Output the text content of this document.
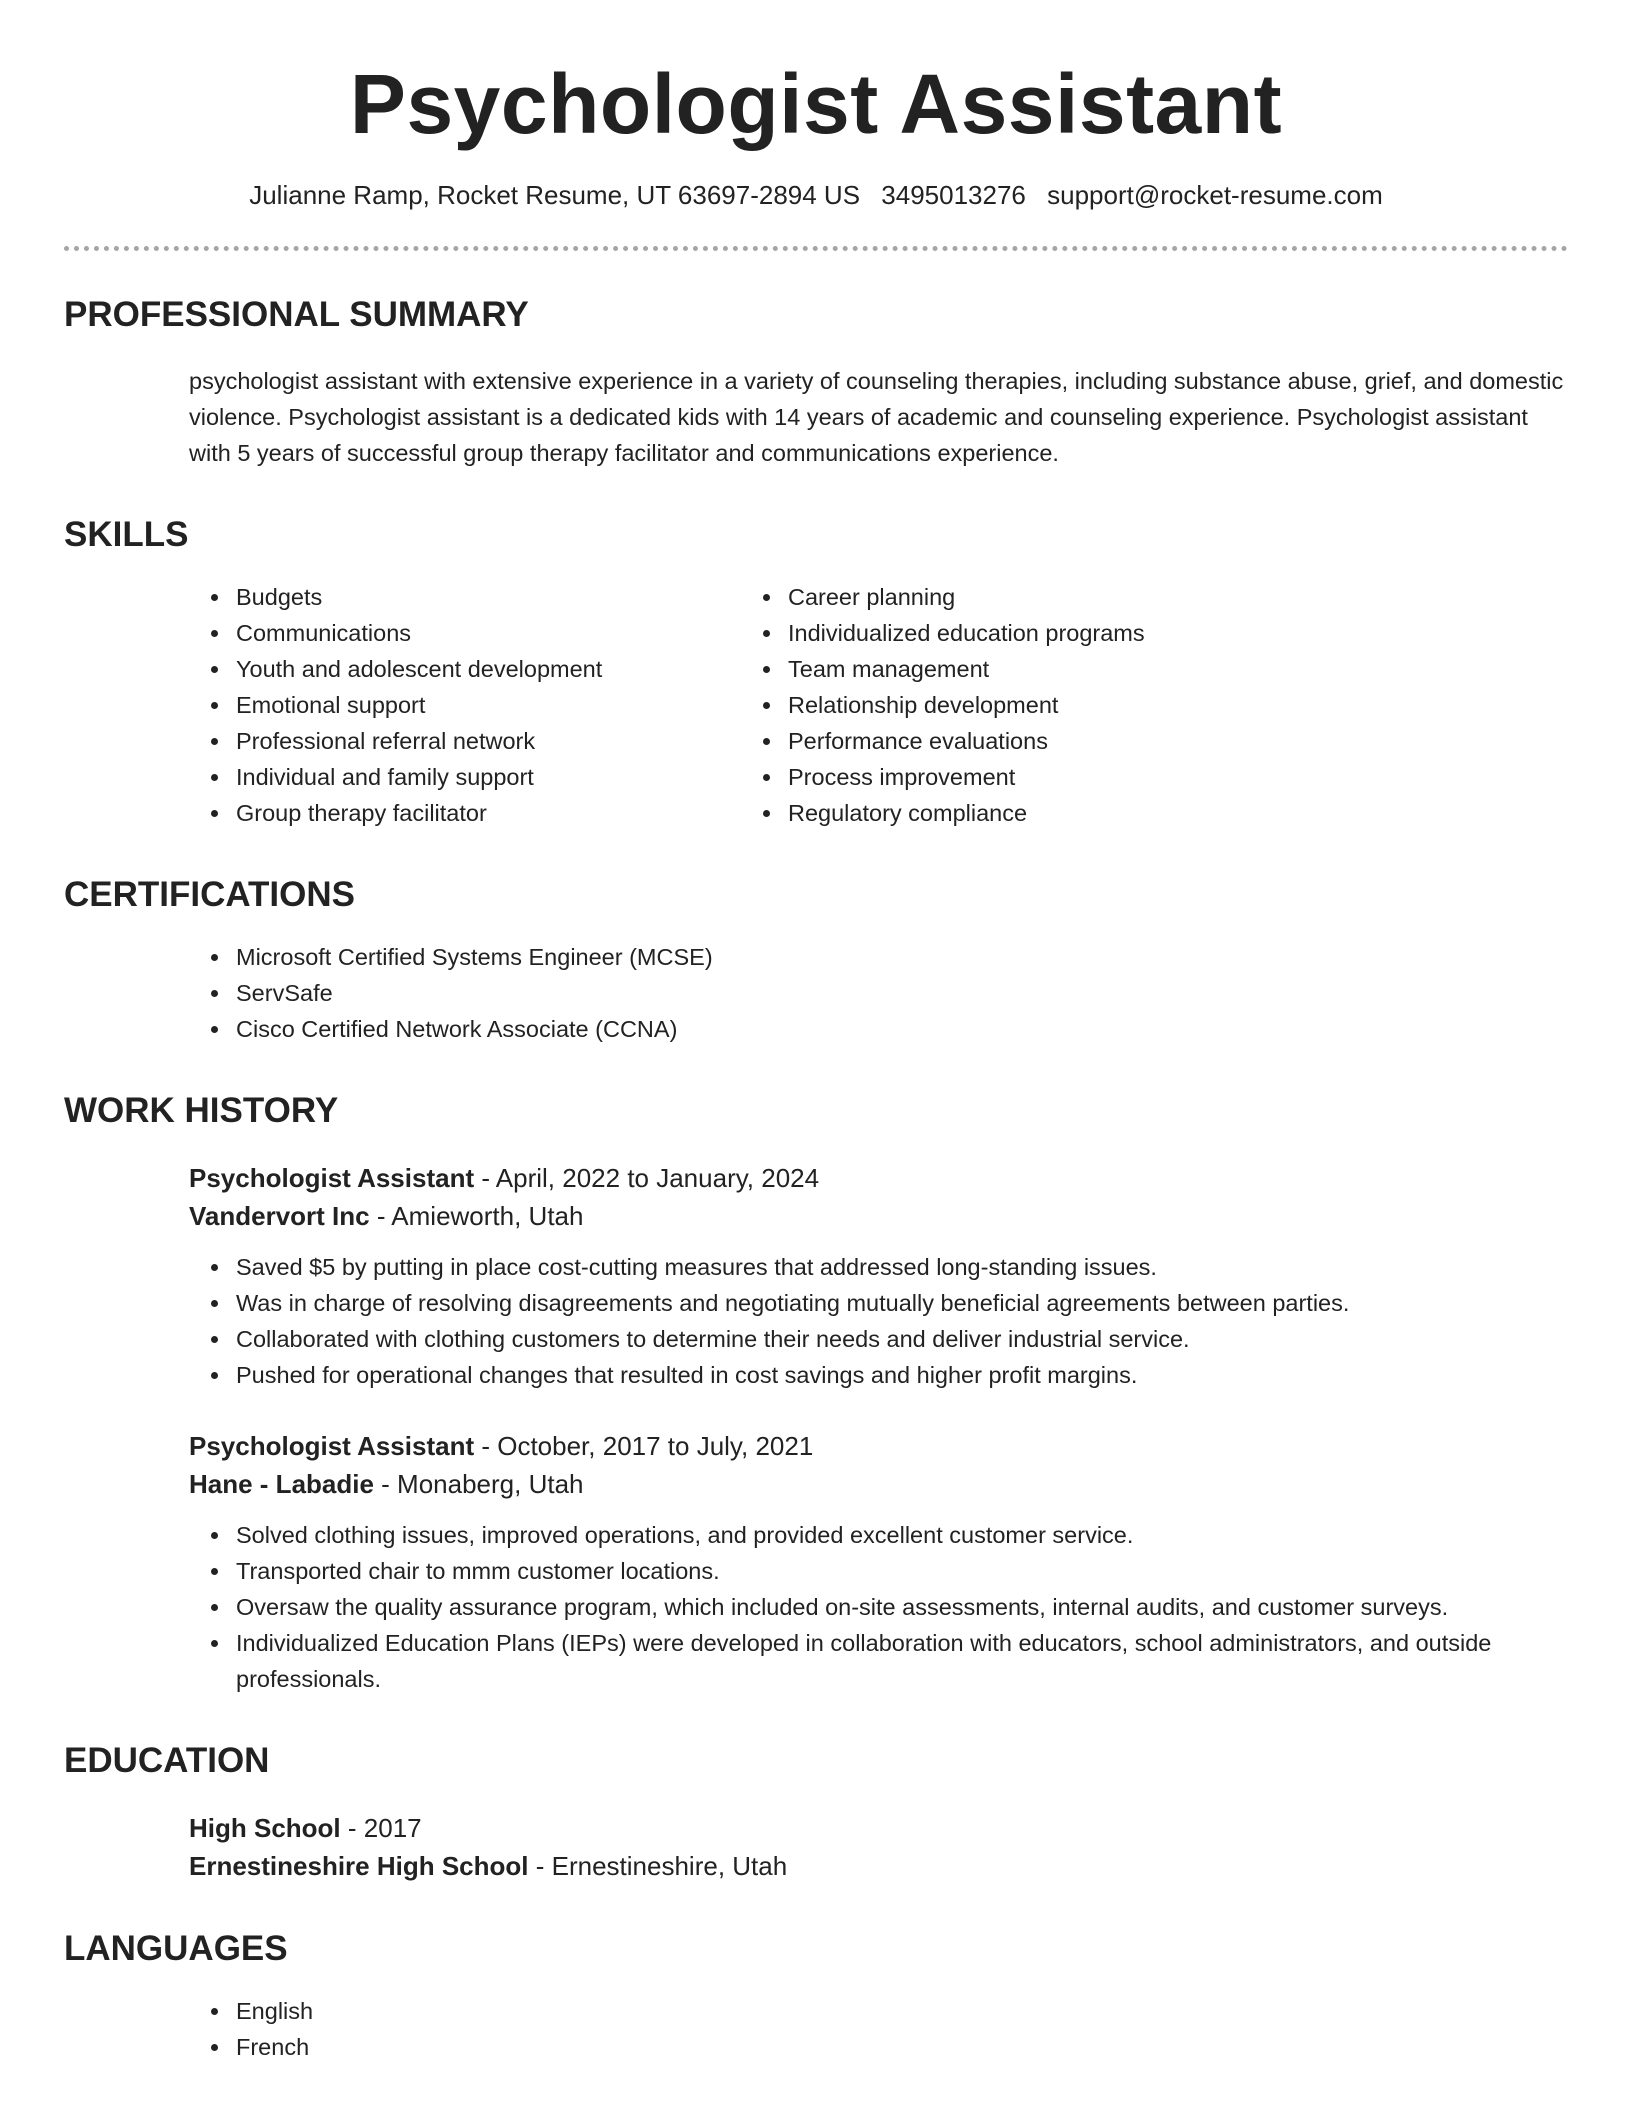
Psychologist Assistant
Julianne Ramp, Rocket Resume, UT 63697-2894 US 3495013276 support@rocket-resume.com
PROFESSIONAL SUMMARY
psychologist assistant with extensive experience in a variety of counseling therapies, including substance abuse, grief, and domestic violence. Psychologist assistant is a dedicated kids with 14 years of academic and counseling experience. Psychologist assistant with 5 years of successful group therapy facilitator and communications experience.
SKILLS
• Budgets
• Communications
• Youth and adolescent development
• Emotional support
• Professional referral network
• Individual and family support
• Group therapy facilitator
• Career planning
• Individualized education programs
• Team management
• Relationship development
• Performance evaluations
• Process improvement
• Regulatory compliance
CERTIFICATIONS
• Microsoft Certified Systems Engineer (MCSE)
• ServSafe
• Cisco Certified Network Associate (CCNA)
WORK HISTORY
Psychologist Assistant - April, 2022 to January, 2024
Vandervort Inc - Amieworth, Utah
• Saved $5 by putting in place cost-cutting measures that addressed long-standing issues.
• Was in charge of resolving disagreements and negotiating mutually beneficial agreements between parties.
• Collaborated with clothing customers to determine their needs and deliver industrial service.
• Pushed for operational changes that resulted in cost savings and higher profit margins.
Psychologist Assistant - October, 2017 to July, 2021
Hane - Labadie - Monaberg, Utah
• Solved clothing issues, improved operations, and provided excellent customer service.
• Transported chair to mmm customer locations.
• Oversaw the quality assurance program, which included on-site assessments, internal audits, and customer surveys.
• Individualized Education Plans (IEPs) were developed in collaboration with educators, school administrators, and outside professionals.
EDUCATION
High School - 2017
Ernestineshire High School - Ernestineshire, Utah
LANGUAGES
• English
• French
